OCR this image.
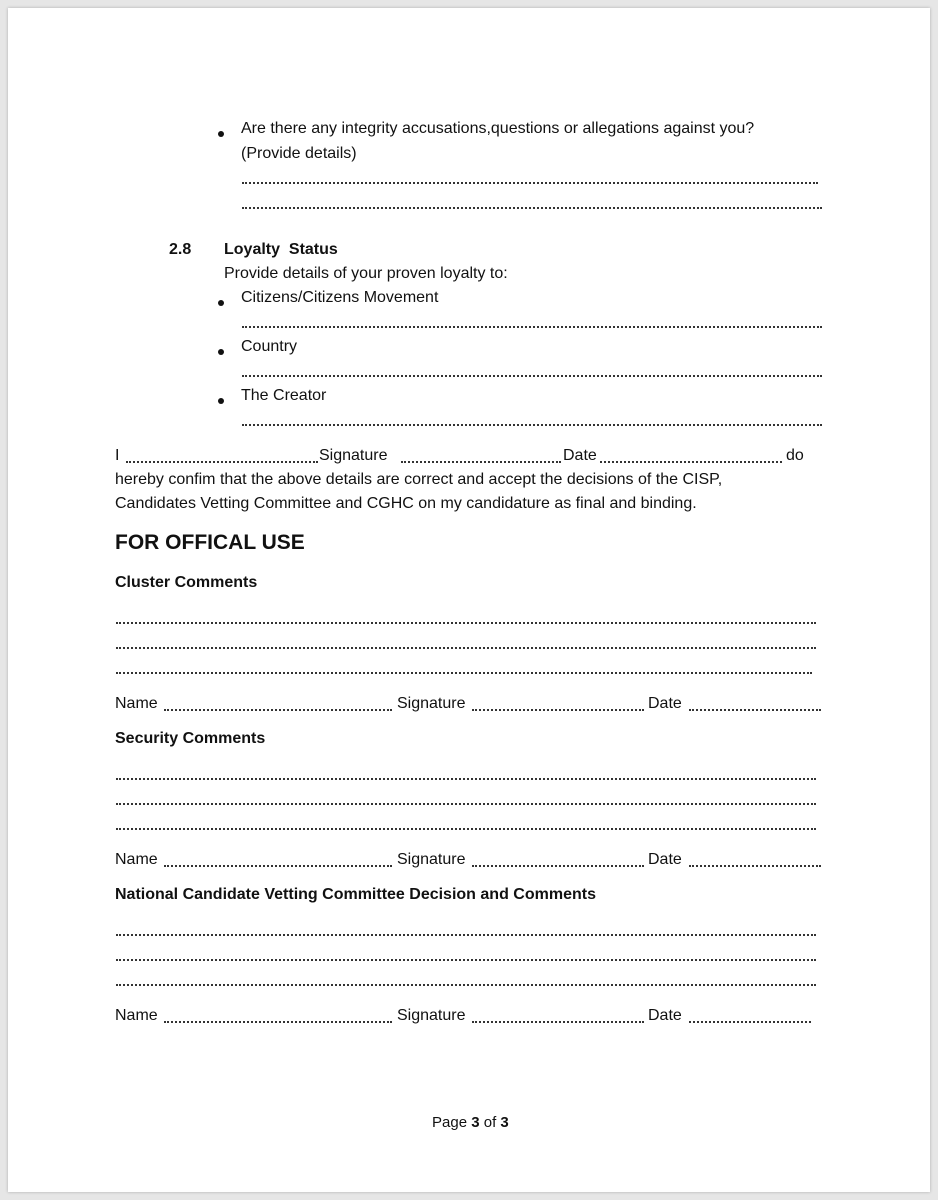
Are there any integrity accusations,questions or allegations against you?
(Provide details)
2.8 Loyalty  Status
Provide details of your proven loyalty to:
Citizens/Citizens Movement
Country
The Creator
I	Signature	Date	do
hereby confim that the above details are correct and accept the decisions of the CISP,
Candidates Vetting Committee and CGHC on my candidature as final and binding.
FOR OFFICAL USE
Cluster Comments
Name	Signature	Date
Security Comments
Name	Signature	Date
National Candidate Vetting Committee Decision and Comments
Name	Signature	Date
Page 3 of 3
